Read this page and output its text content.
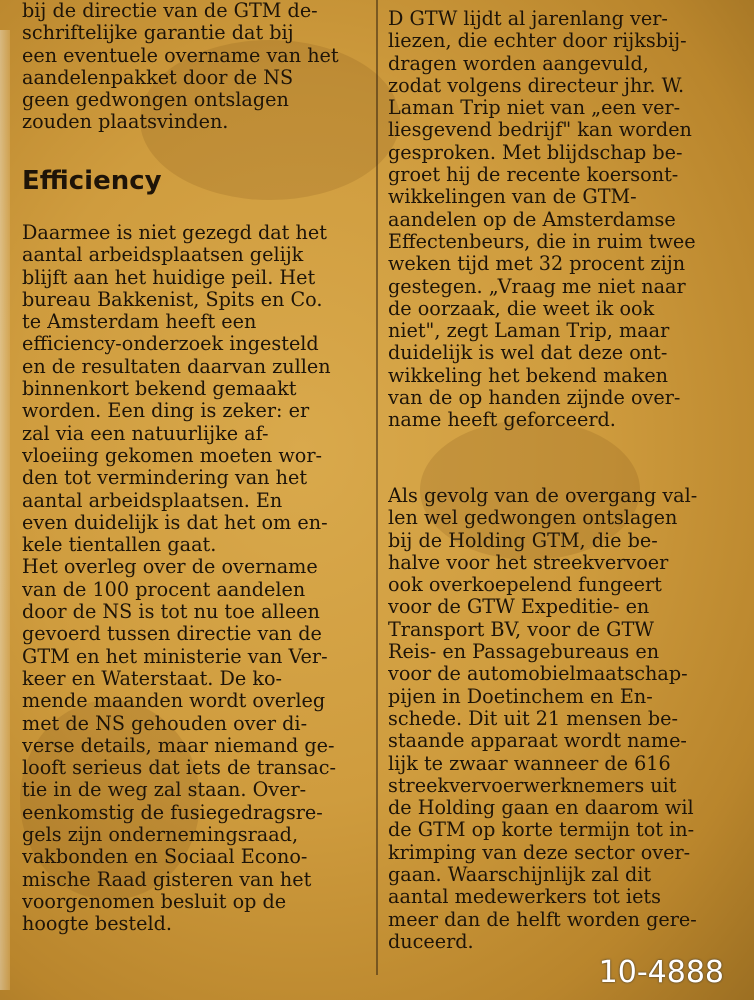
bij de directie van de GTM de-
schriftelijke garantie dat bij
een eventuele overname van het
aandelenpakket door de NS
geen gedwongen ontslagen
zouden plaatsvinden.
Efficiency
Daarmee is niet gezegd dat het
aantal arbeidsplaatsen gelijk
blijft aan het huidige peil. Het
bureau Bakkenist, Spits en Co.
te Amsterdam heeft een
efficiency-onderzoek ingesteld
en de resultaten daarvan zullen
binnenkort bekend gemaakt
worden. Een ding is zeker: er
zal via een natuurlijke af-
vloeiing gekomen moeten wor-
den tot vermindering van het
aantal arbeidsplaatsen. En
even duidelijk is dat het om en-
kele tientallen gaat.
Het overleg over de overname
van de 100 procent aandelen
door de NS is tot nu toe alleen
gevoerd tussen directie van de
GTM en het ministerie van Ver-
keer en Waterstaat. De ko-
mende maanden wordt overleg
met de NS gehouden over di-
verse details, maar niemand ge-
looft serieus dat iets de transac-
tie in de weg zal staan. Over-
eenkomstig de fusiegedragsre-
gels zijn ondernemingsraad,
vakbonden en Sociaal Econo-
mische Raad gisteren van het
voorgenomen besluit op de
hoogte besteld.
D GTW lijdt al jarenlang ver-
liezen, die echter door rijksbij-
dragen worden aangevuld,
zodat volgens directeur jhr. W.
Laman Trip niet van „een ver-
liesgevend bedrijf" kan worden
gesproken. Met blijdschap be-
groet hij de recente koersont-
wikkelingen van de GTM-
aandelen op de Amsterdamse
Effectenbeurs, die in ruim twee
weken tijd met 32 procent zijn
gestegen. „Vraag me niet naar
de oorzaak, die weet ik ook
niet", zegt Laman Trip, maar
duidelijk is wel dat deze ont-
wikkeling het bekend maken
van de op handen zijnde over-
name heeft geforceerd.
Als gevolg van de overgang val-
len wel gedwongen ontslagen
bij de Holding GTM, die be-
halve voor het streekvervoer
ook overkoepelend fungeert
voor de GTW Expeditie- en
Transport BV, voor de GTW
Reis- en Passagebureaus en
voor de automobielmaatschap-
pijen in Doetinchem en En-
schede. Dit uit 21 mensen be-
staande apparaat wordt name-
lijk te zwaar wanneer de 616
streekvervoerwerknemers uit
de Holding gaan en daarom wil
de GTM op korte termijn tot in-
krimping van deze sector over-
gaan. Waarschijnlijk zal dit
aantal medewerkers tot iets
meer dan de helft worden gere-
duceerd.
10-4888
